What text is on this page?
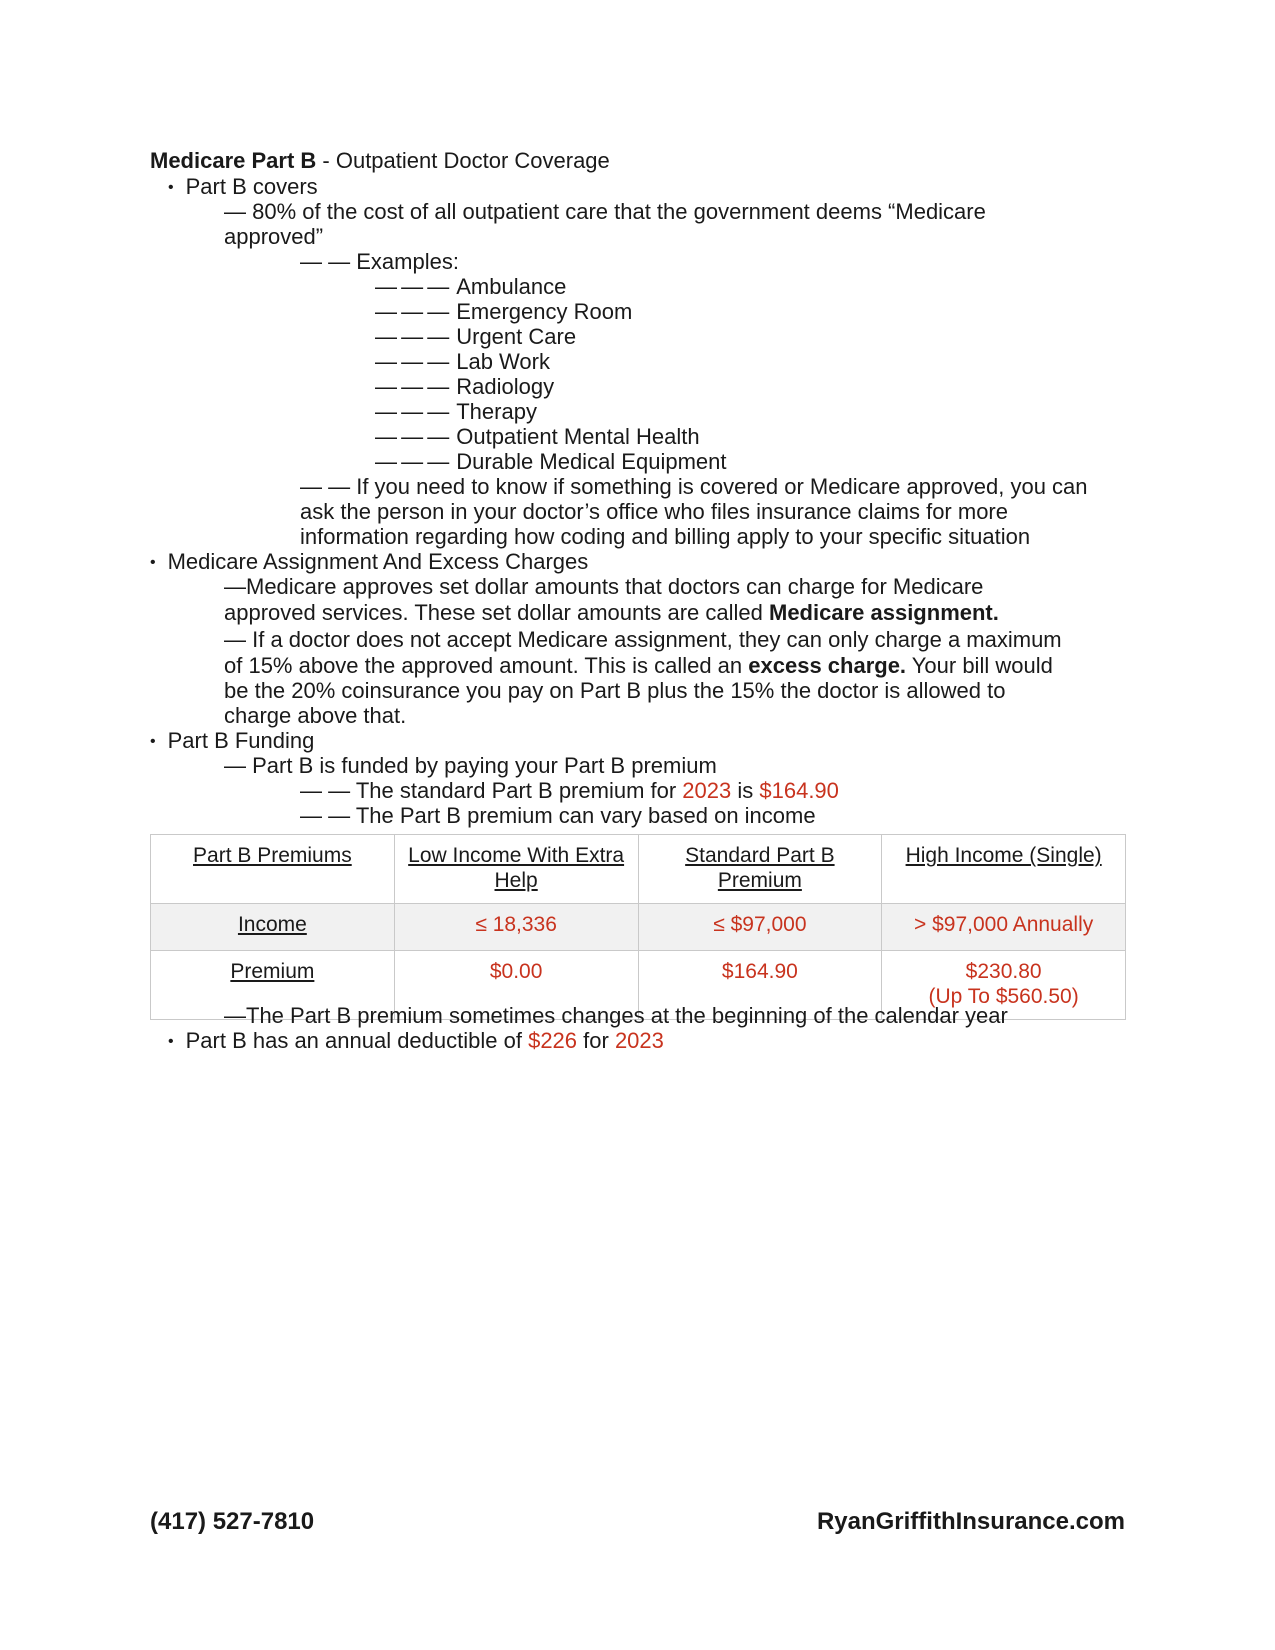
Medicare Part B - Outpatient Doctor Coverage
• Part B covers
— 80% of the cost of all outpatient care that the government deems “Medicare
approved”
— — Examples:
— — — Ambulance
— — — Emergency Room
— — — Urgent Care
— — — Lab Work
— — — Radiology
— — — Therapy
— — — Outpatient Mental Health
— — — Durable Medical Equipment
— — If you need to know if something is covered or Medicare approved, you can
ask the person in your doctor’s office who files insurance claims for more
information regarding how coding and billing apply to your specific situation
• Medicare Assignment And Excess Charges
—Medicare approves set dollar amounts that doctors can charge for Medicare
approved services. These set dollar amounts are called Medicare assignment.
— If a doctor does not accept Medicare assignment, they can only charge a maximum
of 15% above the approved amount. This is called an excess charge. Your bill would
be the 20% coinsurance you pay on Part B plus the 15% the doctor is allowed to
charge above that.
• Part B Funding
— Part B is funded by paying your Part B premium
— — The standard Part B premium for 2023 is $164.90
— — The Part B premium can vary based on income
Part B Premiums	Low Income With Extra Help	Standard Part B Premium	High Income (Single)
Income	≤ 18,336	≤ $97,000	> $97,000 Annually
Premium	$0.00	$164.90	$230.80
(Up To $560.50)
—The Part B premium sometimes changes at the beginning of the calendar year
• Part B has an annual deductible of $226 for 2023
(417) 527-7810	RyanGriffithInsurance.com
